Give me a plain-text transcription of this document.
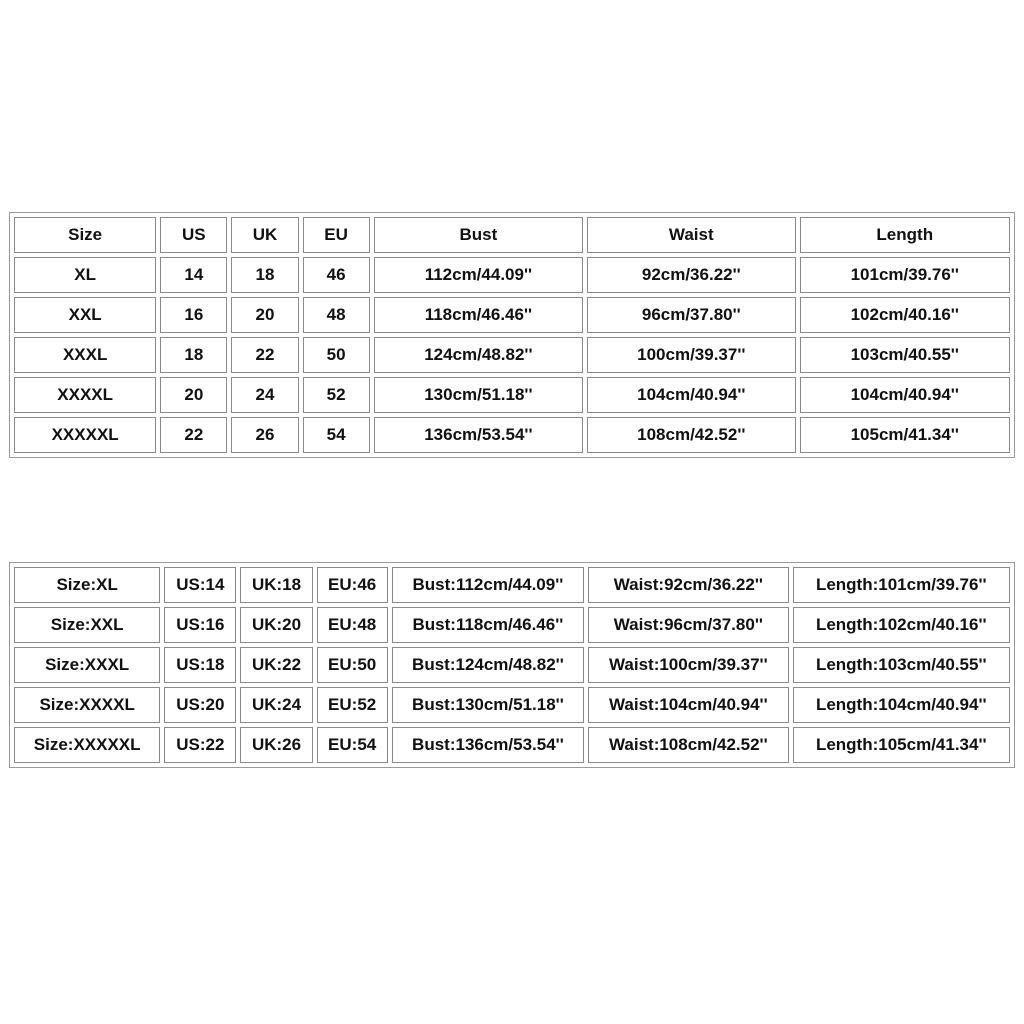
Size	US	UK	EU	Bust	Waist	Length
XL	14	18	46	112cm/44.09''	92cm/36.22''	101cm/39.76''
XXL	16	20	48	118cm/46.46''	96cm/37.80''	102cm/40.16''
XXXL	18	22	50	124cm/48.82''	100cm/39.37''	103cm/40.55''
XXXXL	20	24	52	130cm/51.18''	104cm/40.94''	104cm/40.94''
XXXXXL	22	26	54	136cm/53.54''	108cm/42.52''	105cm/41.34''
Size:XL	US:14	UK:18	EU:46	Bust:112cm/44.09''	Waist:92cm/36.22''	Length:101cm/39.76''
Size:XXL	US:16	UK:20	EU:48	Bust:118cm/46.46''	Waist:96cm/37.80''	Length:102cm/40.16''
Size:XXXL	US:18	UK:22	EU:50	Bust:124cm/48.82''	Waist:100cm/39.37''	Length:103cm/40.55''
Size:XXXXL	US:20	UK:24	EU:52	Bust:130cm/51.18''	Waist:104cm/40.94''	Length:104cm/40.94''
Size:XXXXXL	US:22	UK:26	EU:54	Bust:136cm/53.54''	Waist:108cm/42.52''	Length:105cm/41.34''
